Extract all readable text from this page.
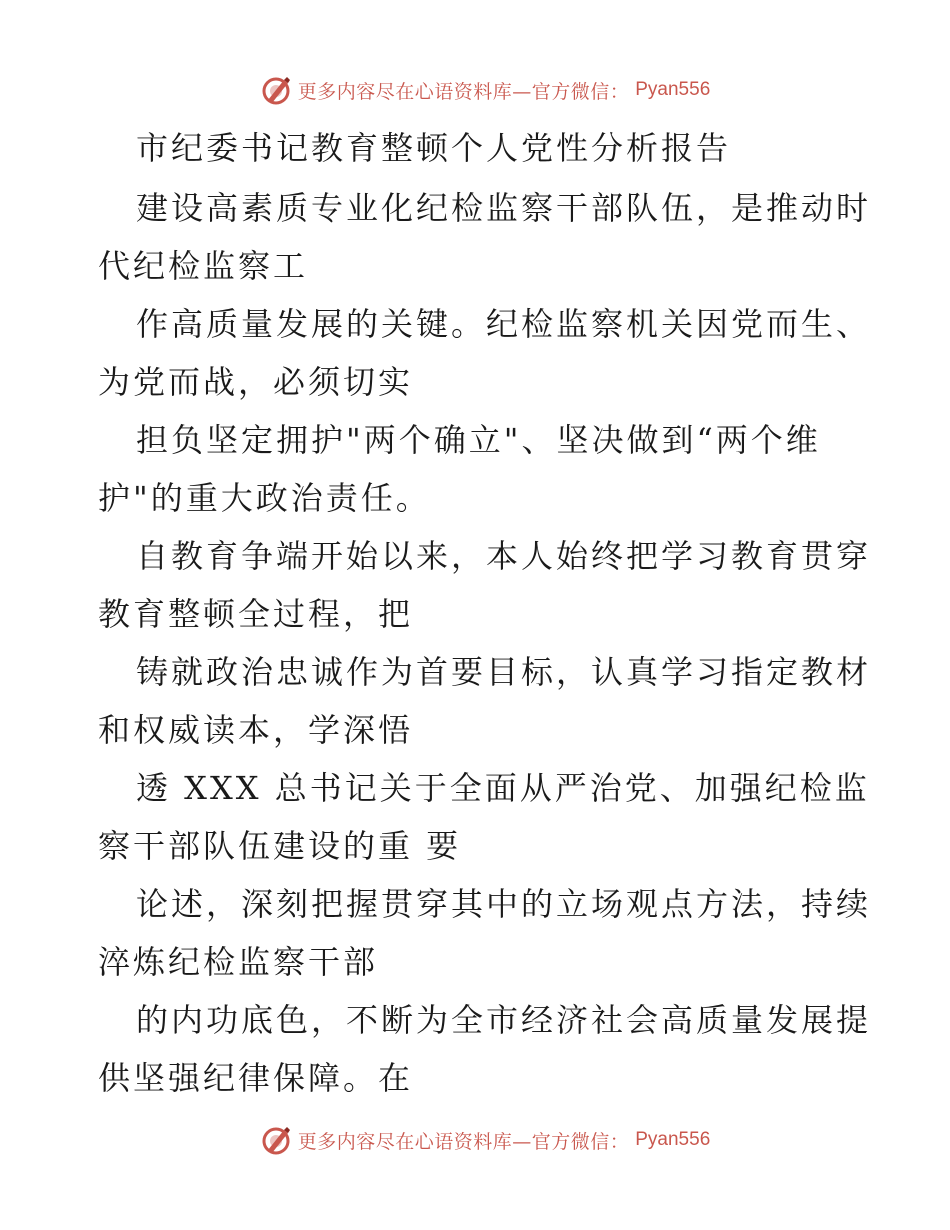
更多内容尽在心语资料库—官方微信： Pyan556
市纪委书记教育整顿个人党性分析报告
建设高素质专业化纪检监察干部队伍，是推动时
代纪检监察工
作高质量发展的关键。纪检监察机关因党而生、
为党而战，必须切实
担负坚定拥护"两个确立"、坚决做到“两个维
护"的重大政治责任。
自教育争端开始以来，本人始终把学习教育贯穿
教育整顿全过程，把
铸就政治忠诚作为首要目标，认真学习指定教材
和权威读本，学深悟
透 XXX 总书记关于全面从严治党、加强纪检监
察干部队伍建设的重 要
论述，深刻把握贯穿其中的立场观点方法，持续
淬炼纪检监察干部
的内功底色，不断为全市经济社会高质量发展提
供坚强纪律保障。在
更多内容尽在心语资料库—官方微信： Pyan556
